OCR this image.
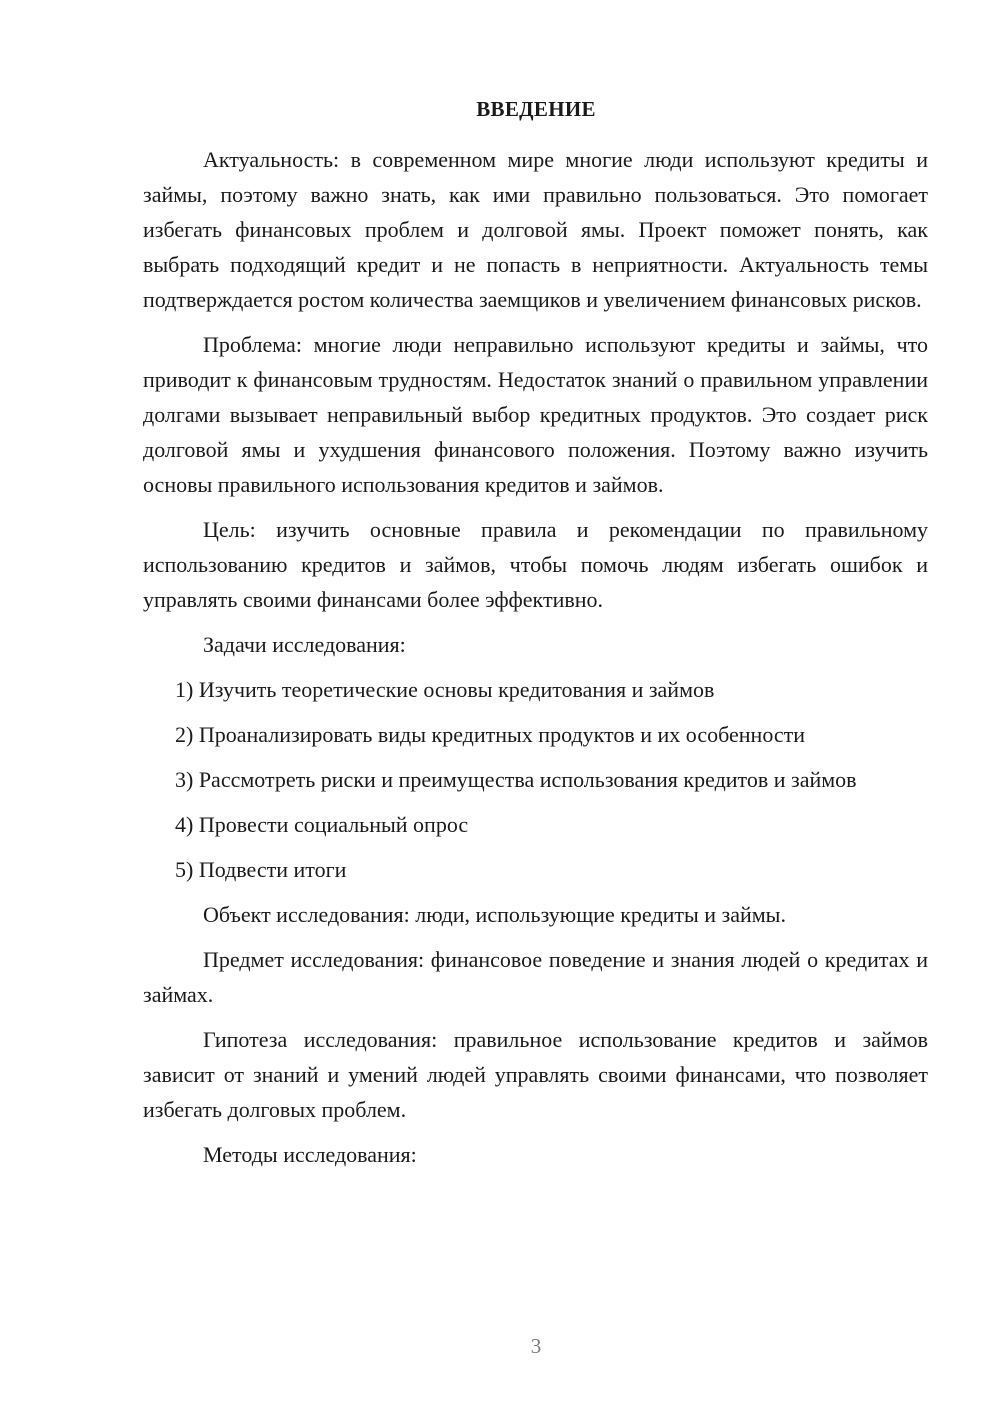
ВВЕДЕНИЕ

Актуальность: в современном мире многие люди используют кредиты и займы, поэтому важно знать, как ими правильно пользоваться. Это помогает избегать финансовых проблем и долговой ямы. Проект поможет понять, как выбрать подходящий кредит и не попасть в неприятности. Актуальность темы подтверждается ростом количества заемщиков и увеличением финансовых рисков.

Проблема: многие люди неправильно используют кредиты и займы, что приводит к финансовым трудностям. Недостаток знаний о правильном управлении долгами вызывает неправильный выбор кредитных продуктов. Это создает риск долговой ямы и ухудшения финансового положения. Поэтому важно изучить основы правильного использования кредитов и займов.

Цель: изучить основные правила и рекомендации по правильному использованию кредитов и займов, чтобы помочь людям избегать ошибок и управлять своими финансами более эффективно.

Задачи исследования:

1) Изучить теоретические основы кредитования и займов

2) Проанализировать виды кредитных продуктов и их особенности

3) Рассмотреть риски и преимущества использования кредитов и займов

4) Провести социальный опрос

5) Подвести итоги

Объект исследования: люди, использующие кредиты и займы.

Предмет исследования: финансовое поведение и знания людей о кредитах и займах.

Гипотеза исследования: правильное использование кредитов и займов зависит от знаний и умений людей управлять своими финансами, что позволяет избегать долговых проблем.

Методы исследования:

3
